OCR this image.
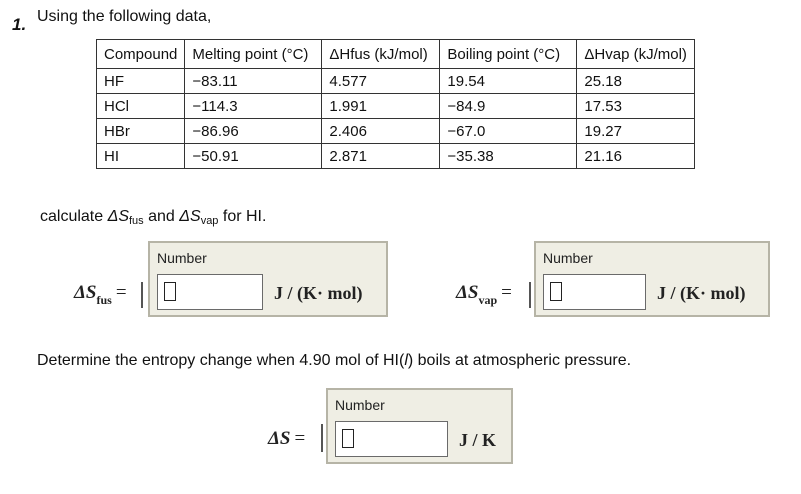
1. Using the following data,
Compound	Melting point (°C)	ΔHfus (kJ/mol)	Boiling point (°C)	ΔHvap (kJ/mol)
HF	−83.11	4.577	19.54	25.18
HCl	−114.3	1.991	−84.9	17.53
HBr	−86.96	2.406	−67.0	19.27
HI	−50.91	2.871	−35.38	21.16
calculate $\Delta S_{fus}$ and $\Delta S_{vap}$ for HI.
$\Delta S_{fus}$ =
Number
J / (K· mol)	$\Delta S_{vap}$ =
Number
J / (K· mol)
Determine the entropy change when 4.90 mol of HI(l) boils at atmospheric pressure.
ΔS =
Number
J / K
